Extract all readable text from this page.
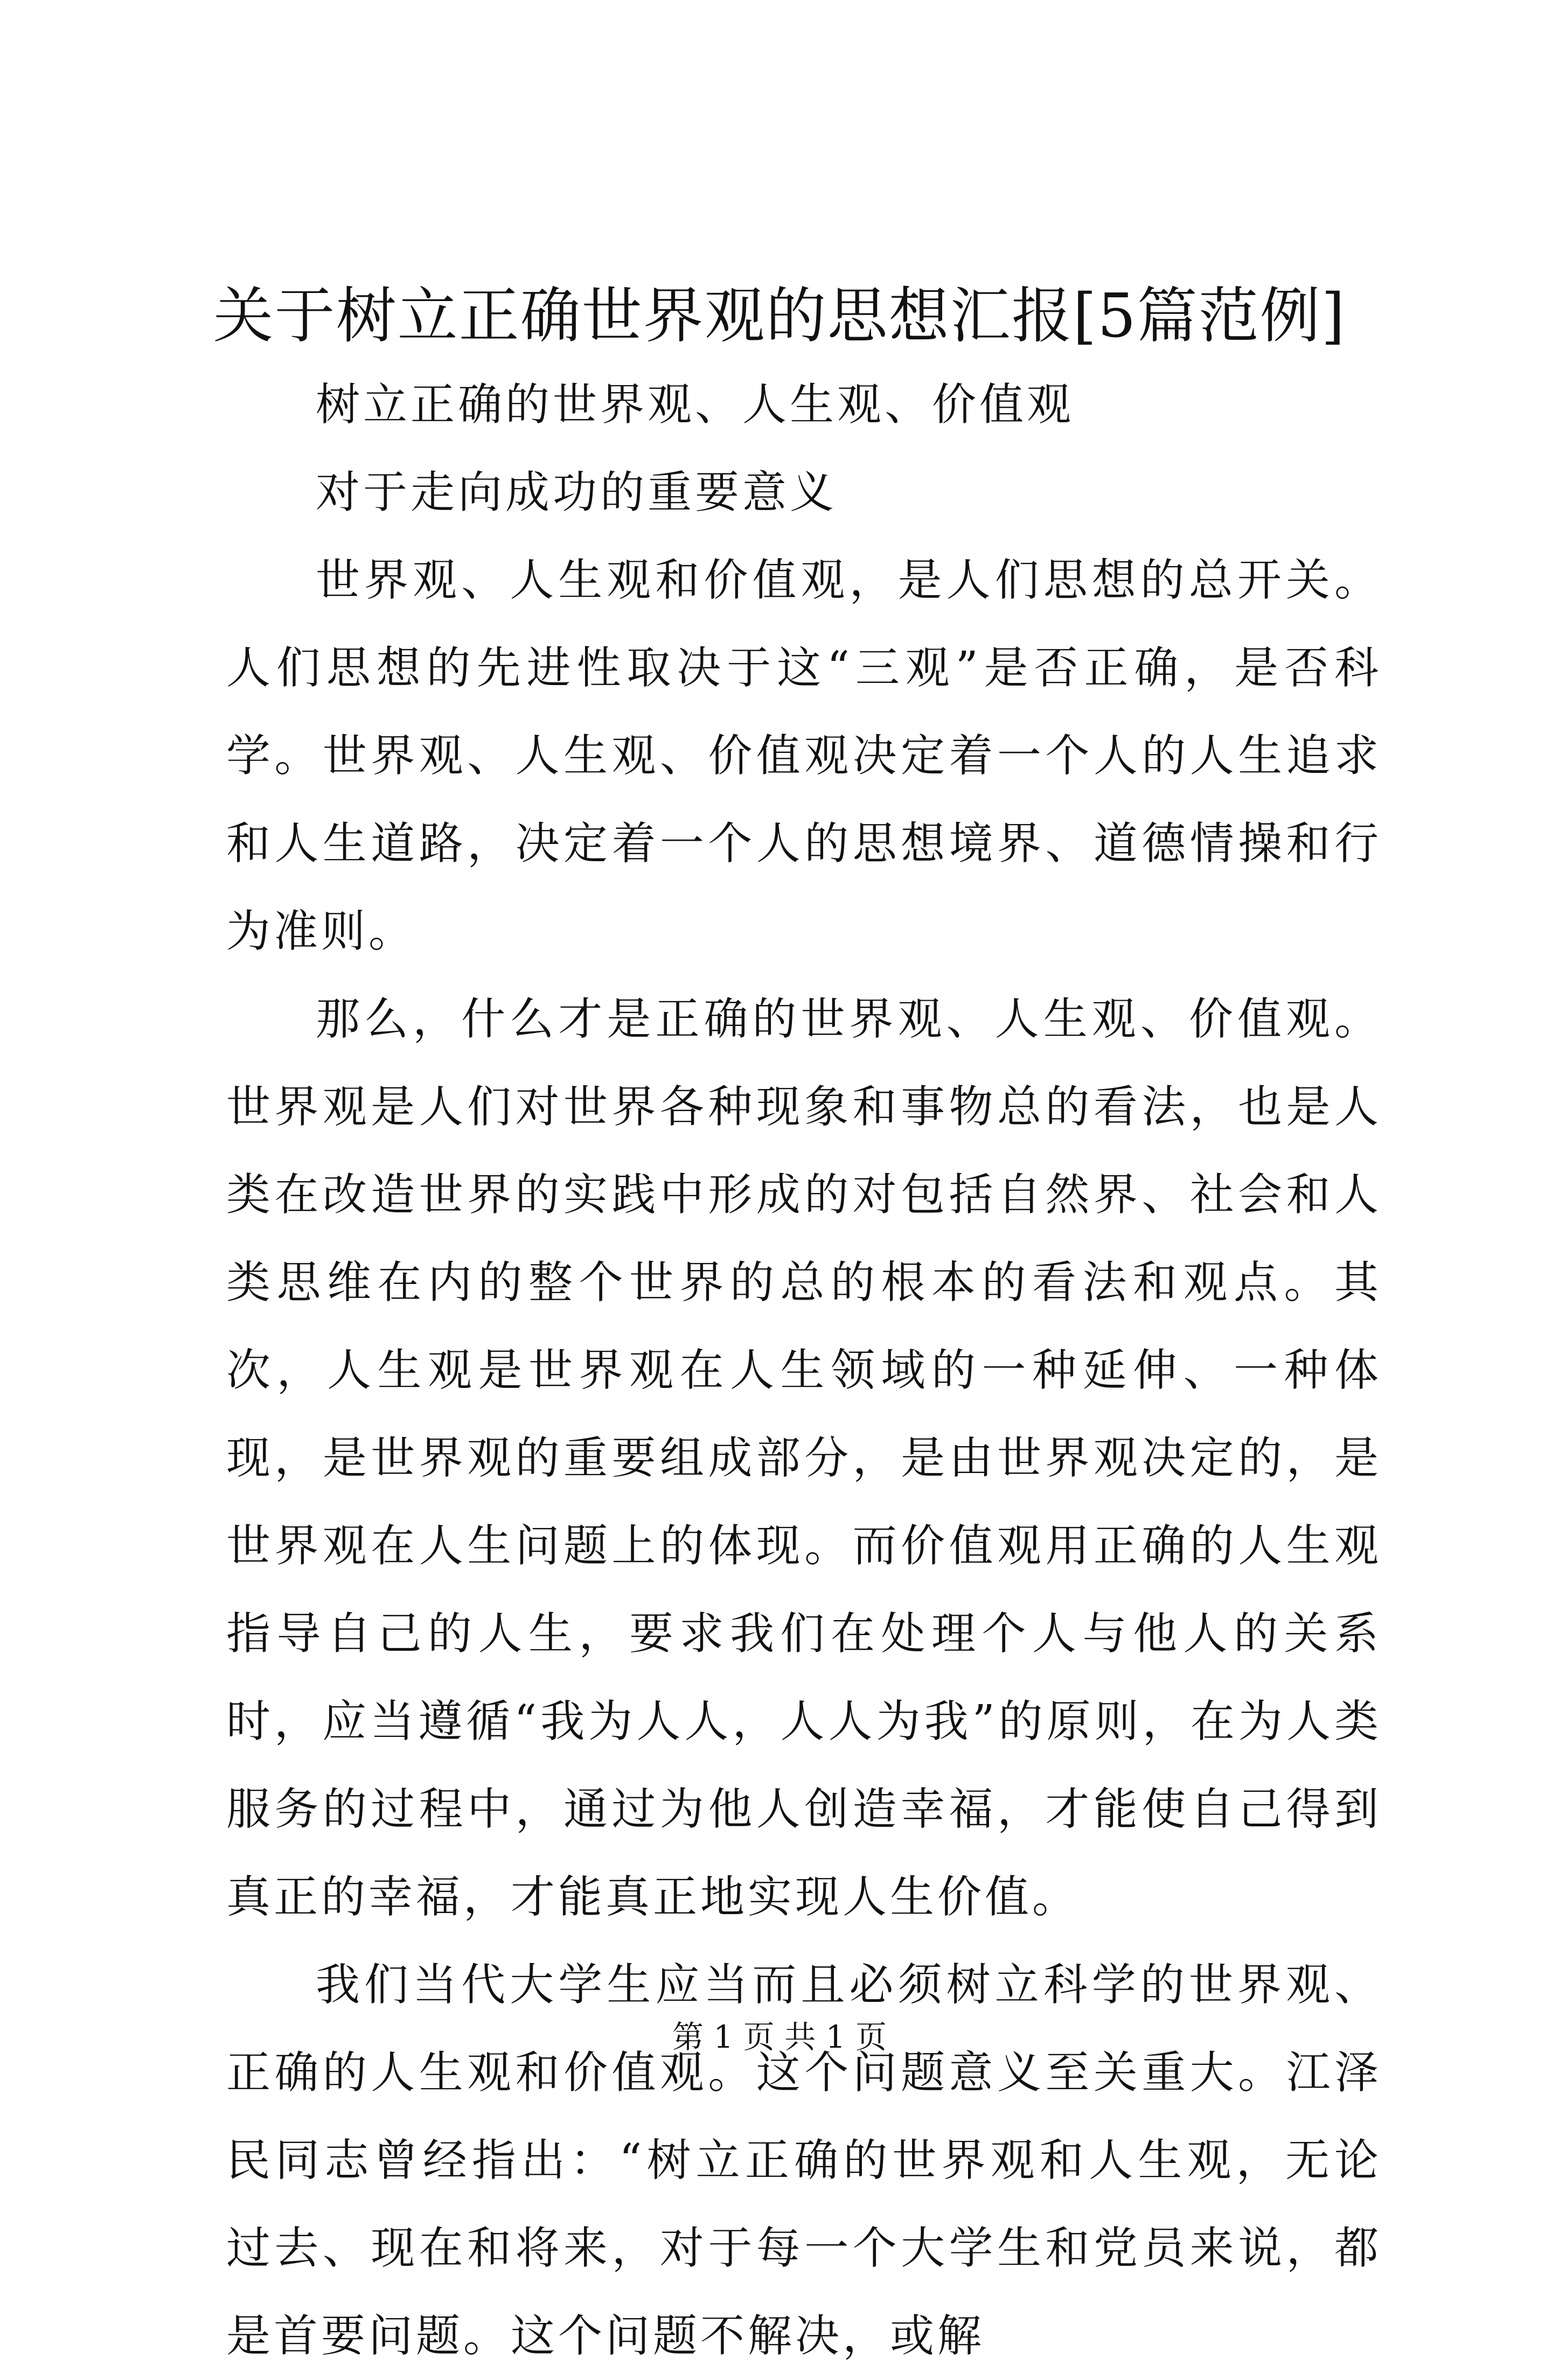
关于树立正确世界观的思想汇报[5篇范例]

树立正确的世界观、人生观、价值观

对于走向成功的重要意义

世界观、人生观和价值观，是人们思想的总开关。人们思想的先进性取决于这“三观”是否正确，是否科学。世界观、人生观、价值观决定着一个人的人生追求和人生道路，决定着一个人的思想境界、道德情操和行为准则。

那么，什么才是正确的世界观、人生观、价值观。世界观是人们对世界各种现象和事物总的看法，也是人类在改造世界的实践中形成的对包括自然界、社会和人类思维在内的整个世界的总的根本的看法和观点。其次，人生观是世界观在人生领域的一种延伸、一种体现，是世界观的重要组成部分，是由世界观决定的，是世界观在人生问题上的体现。而价值观用正确的人生观指导自己的人生，要求我们在处理个人与他人的关系时，应当遵循“我为人人，人人为我”的原则，在为人类服务的过程中，通过为他人创造幸福，才能使自己得到真正的幸福，才能真正地实现人生价值。

我们当代大学生应当而且必须树立科学的世界观、正确的人生观和价值观。这个问题意义至关重大。江泽民同志曾经指出：“树立正确的世界观和人生观，无论过去、现在和将来，对于每一个大学生和党员来说，都是首要问题。这个问题不解决，或解

第 1 页 共 1 页
